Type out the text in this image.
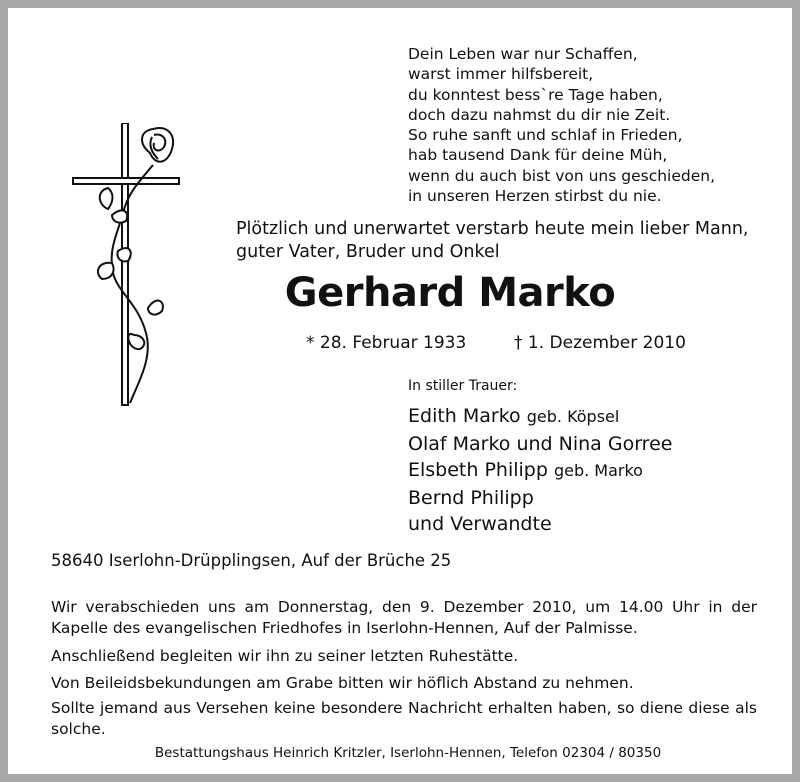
Dein Leben war nur Schaffen,
warst immer hilfsbereit,
du konntest bess`re Tage haben,
doch dazu nahmst du dir nie Zeit.
So ruhe sanft und schlaf in Frieden,
hab tausend Dank für deine Müh,
wenn du auch bist von uns geschieden,
in unseren Herzen stirbst du nie.
Plötzlich und unerwartet verstarb heute mein lieber Mann,
guter Vater, Bruder und Onkel
Gerhard Marko
* 28. Februar 1933	† 1. Dezember 2010
In stiller Trauer:
Edith Marko geb. Köpsel
Olaf Marko und Nina Gorree
Elsbeth Philipp geb. Marko
Bernd Philipp
und Verwandte
58640 Iserlohn-Drüpplingsen, Auf der Brüche 25
Wir verabschieden uns am Donnerstag, den 9. Dezember 2010, um 14.00 Uhr in der Kapelle des evangelischen Friedhofes in Iserlohn-Hennen, Auf der Palmisse.
Anschließend begleiten wir ihn zu seiner letzten Ruhestätte.
Von Beileidsbekundungen am Grabe bitten wir höflich Abstand zu nehmen.
Sollte jemand aus Versehen keine besondere Nachricht erhalten haben, so diene diese als solche.
Bestattungshaus Heinrich Kritzler, Iserlohn-Hennen, Telefon 02304 / 80350
